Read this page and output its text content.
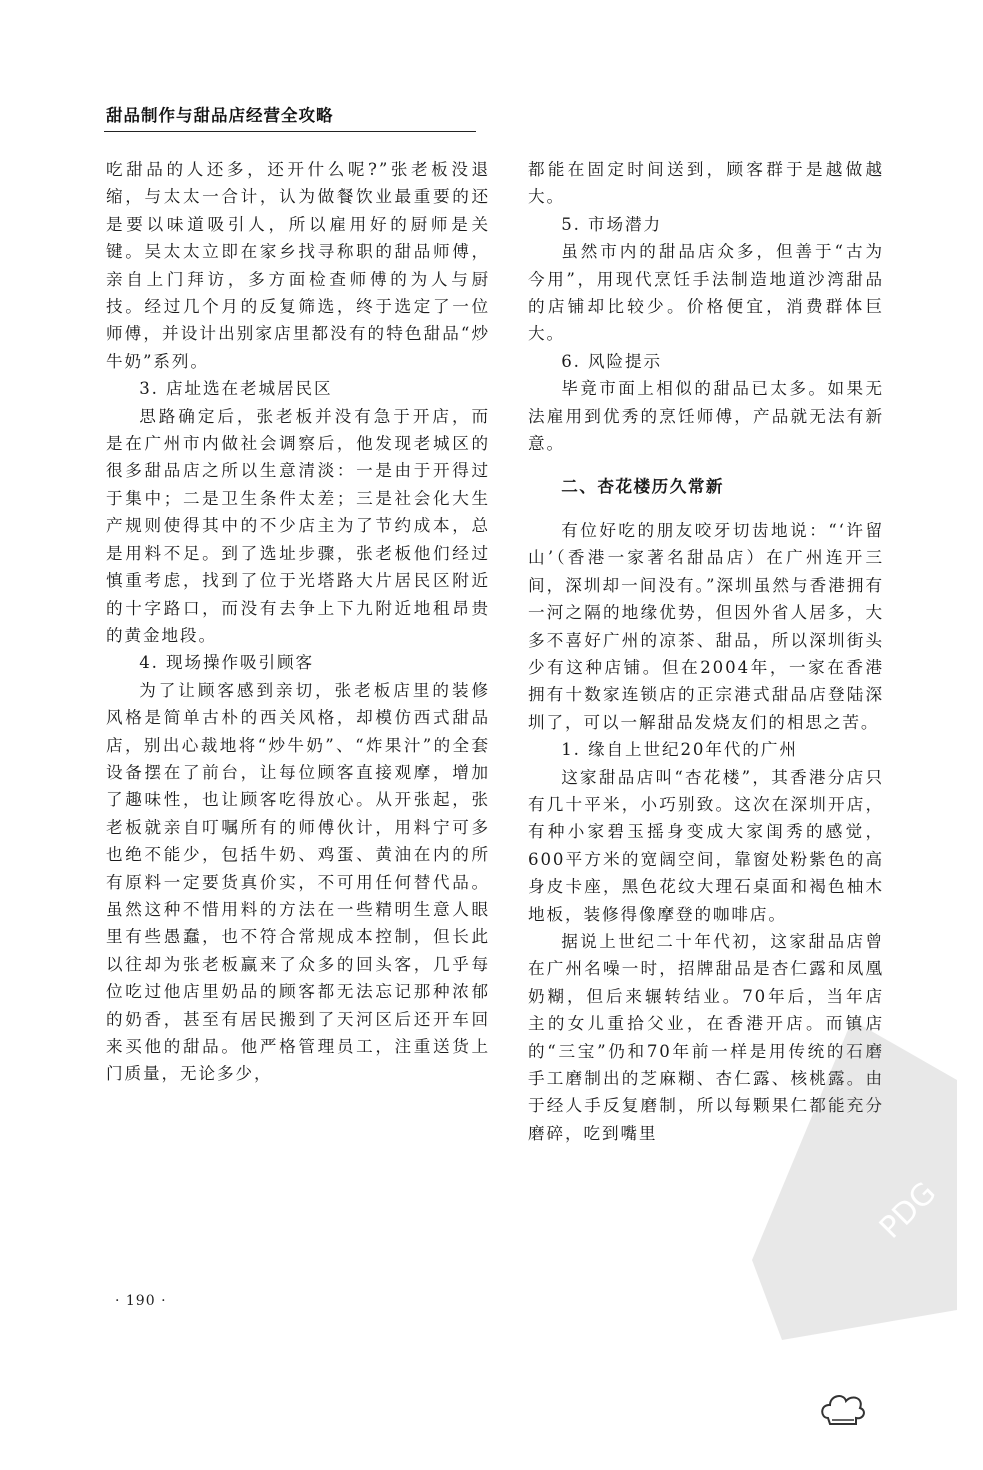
甜品制作与甜品店经营全攻略

吃甜品的人还多，还开什么呢?”张老板没退缩，与太太一合计，认为做餐饮业最重要的还是要以味道吸引人，所以雇用好的厨师是关键。吴太太立即在家乡找寻称职的甜品师傅，亲自上门拜访，多方面检查师傅的为人与厨技。经过几个月的反复筛选，终于选定了一位师傅，并设计出别家店里都没有的特色甜品“炒牛奶”系列。

3. 店址选在老城居民区

思路确定后，张老板并没有急于开店，而是在广州市内做社会调察后，他发现老城区的很多甜品店之所以生意清淡：一是由于开得过于集中；二是卫生条件太差；三是社会化大生产规则使得其中的不少店主为了节约成本，总是用料不足。到了选址步骤，张老板他们经过慎重考虑，找到了位于光塔路大片居民区附近的十字路口，而没有去争上下九附近地租昂贵的黄金地段。

4. 现场操作吸引顾客

为了让顾客感到亲切，张老板店里的装修风格是简单古朴的西关风格，却模仿西式甜品店，别出心裁地将“炒牛奶”、“炸果汁”的全套设备摆在了前台，让每位顾客直接观摩，增加了趣味性，也让顾客吃得放心。从开张起，张老板就亲自叮嘱所有的师傅伙计，用料宁可多也绝不能少，包括牛奶、鸡蛋、黄油在内的所有原料一定要货真价实，不可用任何替代品。虽然这种不惜用料的方法在一些精明生意人眼里有些愚蠢，也不符合常规成本控制，但长此以往却为张老板赢来了众多的回头客，几乎每位吃过他店里奶品的顾客都无法忘记那种浓郁的奶香，甚至有居民搬到了天河区后还开车回来买他的甜品。他严格管理员工，注重送货上门质量，无论多少，

都能在固定时间送到，顾客群于是越做越大。

5. 市场潜力

虽然市内的甜品店众多，但善于“古为今用”，用现代烹饪手法制造地道沙湾甜品的店铺却比较少。价格便宜，消费群体巨大。

6. 风险提示

毕竟市面上相似的甜品已太多。如果无法雇用到优秀的烹饪师傅，产品就无法有新意。

二、杏花楼历久常新

有位好吃的朋友咬牙切齿地说：“‘许留山’（香港一家著名甜品店）在广州连开三间，深圳却一间没有。”深圳虽然与香港拥有一河之隔的地缘优势，但因外省人居多，大多不喜好广州的凉茶、甜品，所以深圳街头少有这种店铺。但在2004年，一家在香港拥有十数家连锁店的正宗港式甜品店登陆深圳了，可以一解甜品发烧友们的相思之苦。

1. 缘自上世纪20年代的广州

这家甜品店叫“杏花楼”，其香港分店只有几十平米，小巧别致。这次在深圳开店，有种小家碧玉摇身变成大家闺秀的感觉，600平方米的宽阔空间，靠窗处粉紫色的高身皮卡座，黑色花纹大理石桌面和褐色柚木地板，装修得像摩登的咖啡店。

据说上世纪二十年代初，这家甜品店曾在广州名噪一时，招牌甜品是杏仁露和凤凰奶糊，但后来辗转结业。70年后，当年店主的女儿重拾父业，在香港开店。而镇店的“三宝”仍和70年前一样是用传统的石磨手工磨制出的芝麻糊、杏仁露、核桃露。由于经人手反复磨制，所以每颗果仁都能充分磨碎，吃到嘴里

· 190 ·
PDG
